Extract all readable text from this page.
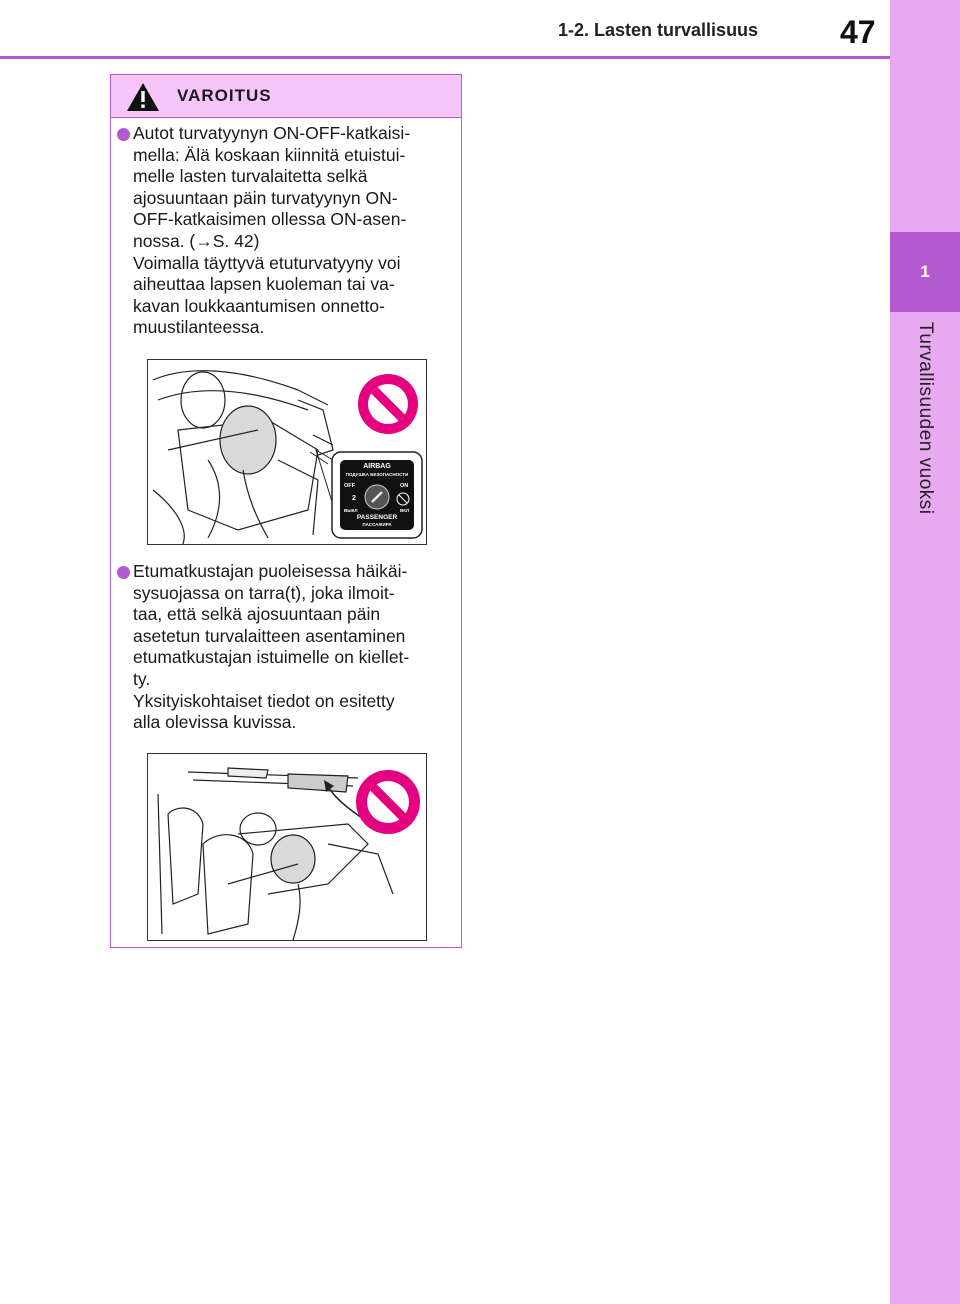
1-2. Lasten turvallisuus	47
1
Turvallisuuden vuoksi
VAROITUS
Autot turvatyynyn ON-OFF-katkaisi-
mella: Älä koskaan kiinnitä etuistui-
melle lasten turvalaitetta selkä
ajosuuntaan päin turvatyynyn ON-
OFF-katkaisimen ollessa ON-asen-
nossa. (→S. 42)
Voimalla täyttyvä etuturvatyyny voi
aiheuttaa lapsen kuoleman tai va-
kavan loukkaantumisen onnetto-
muustilanteessa.
AIRBAG
ПОДУШКА БЕЗОПАСНОСТИ
OFF	ON
2
ВЫКЛ	ВКЛ
PASSENGER
ПАССАЖИРА
Etumatkustajan puoleisessa häikäi-
sysuojassa on tarra(t), joka ilmoit-
taa, että selkä ajosuuntaan päin
asetetun turvalaitteen asentaminen
etumatkustajan istuimelle on kiellet-
ty.
Yksityiskohtaiset tiedot on esitetty
alla olevissa kuvissa.
